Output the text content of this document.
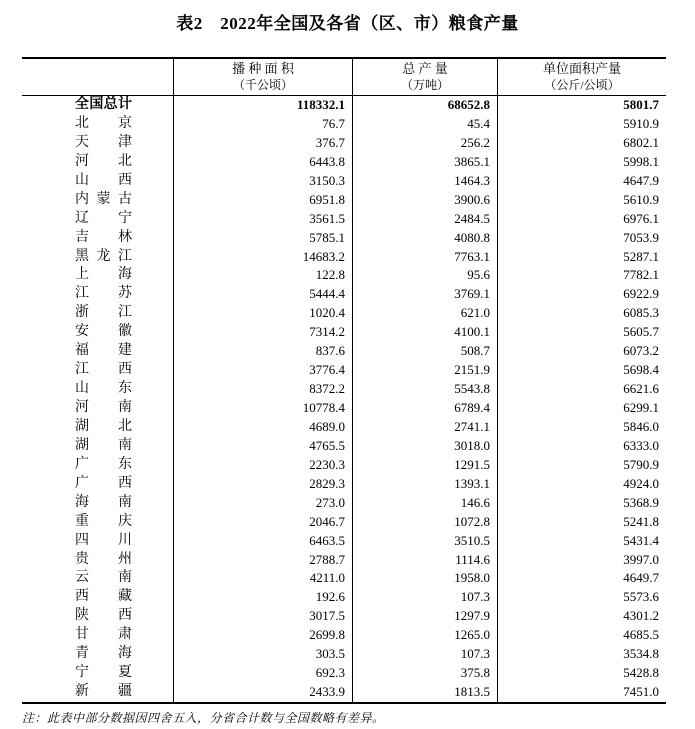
表2　2022年全国及各省（区、市）粮食产量
播 种 面 积
（千公顷）
总 产 量
（万吨）
单位面积产量
（公斤/公顷）
全 国 总 计	118332.1	68652.8	5801.7
北 京	76.7	45.4	5910.9
天 津	376.7	256.2	6802.1
河 北	6443.8	3865.1	5998.1
山 西	3150.3	1464.3	4647.9
内 蒙 古	6951.8	3900.6	5610.9
辽 宁	3561.5	2484.5	6976.1
吉 林	5785.1	4080.8	7053.9
黑 龙 江	14683.2	7763.1	5287.1
上 海	122.8	95.6	7782.1
江 苏	5444.4	3769.1	6922.9
浙 江	1020.4	621.0	6085.3
安 徽	7314.2	4100.1	5605.7
福 建	837.6	508.7	6073.2
江 西	3776.4	2151.9	5698.4
山 东	8372.2	5543.8	6621.6
河 南	10778.4	6789.4	6299.1
湖 北	4689.0	2741.1	5846.0
湖 南	4765.5	3018.0	6333.0
广 东	2230.3	1291.5	5790.9
广 西	2829.3	1393.1	4924.0
海 南	273.0	146.6	5368.9
重 庆	2046.7	1072.8	5241.8
四 川	6463.5	3510.5	5431.4
贵 州	2788.7	1114.6	3997.0
云 南	4211.0	1958.0	4649.7
西 藏	192.6	107.3	5573.6
陕 西	3017.5	1297.9	4301.2
甘 肃	2699.8	1265.0	4685.5
青 海	303.5	107.3	3534.8
宁 夏	692.3	375.8	5428.8
新 疆	2433.9	1813.5	7451.0
注：此表中部分数据因四舍五入，分省合计数与全国数略有差异。
